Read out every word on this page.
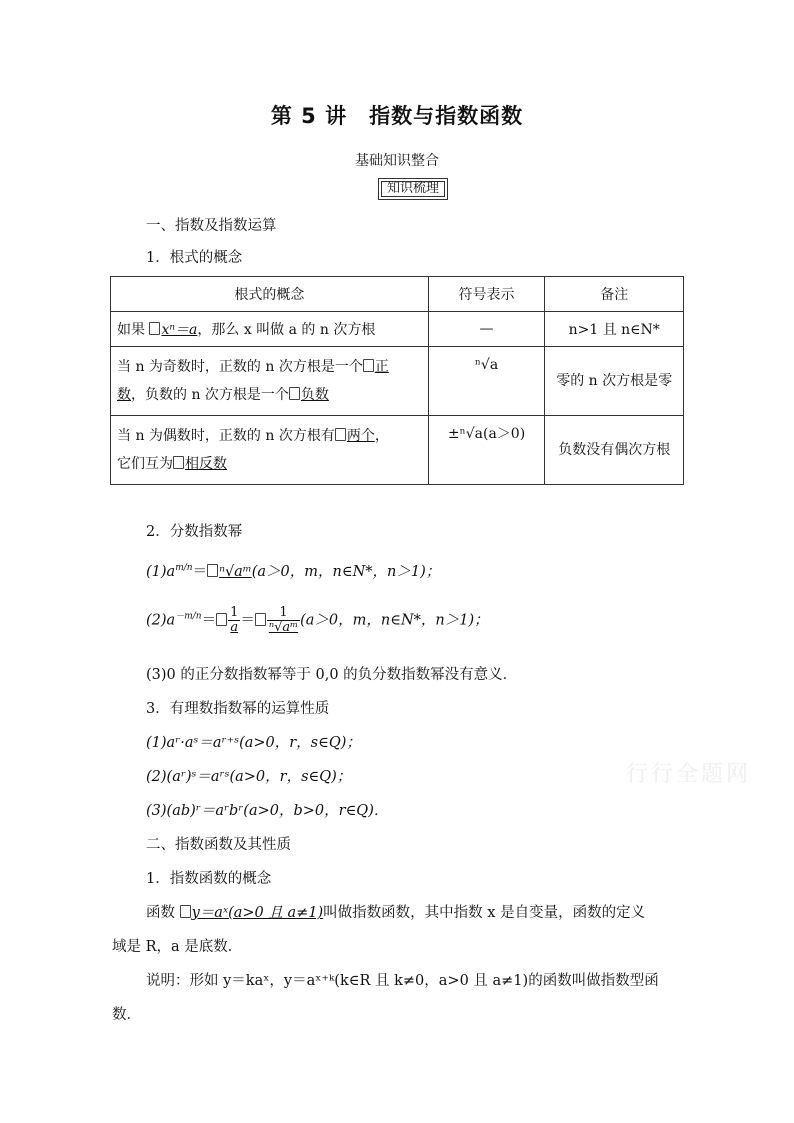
第 5 讲　指数与指数函数
基础知识整合
知识梳理
一、指数及指数运算
1．根式的概念
根式的概念	符号表示	备注
如果 xⁿ＝a，那么 x 叫做 a 的 n 次方根	—	n>1 且 n∈N*
当 n 为奇数时，正数的 n 次方根是一个 正
数，负数的 n 次方根是一个 负数	ⁿ√a	零的 n 次方根是零
当 n 为偶数时，正数的 n 次方根有 两个，
它们互为 相反数	±ⁿ√a(a＞0)	负数没有偶次方根
2．分数指数幂
$(1)a^{m/n}=$ ⁿ√aᵐ(a＞0，m，n∈N*，n＞1)；
$(2)a^{-m/n}= \frac{1}{a} = \frac{1}{\text{ⁿ√aᵐ}} (a>0$，m，n∈N*，n＞1)；
(3)0 的正分数指数幂等于 0,0 的负分数指数幂没有意义．
3．有理数指数幂的运算性质
(1)aʳ·aˢ＝aʳ⁺ˢ(a>0，r，s∈Q)；
(2)(aʳ)ˢ＝aʳˢ(a>0，r，s∈Q)；
(3)(ab)ʳ＝aʳbʳ(a>0，b>0，r∈Q)．
二、指数函数及其性质
1．指数函数的概念
函数 y＝aˣ(a>0 且 a≠1)叫做指数函数，其中指数 x 是自变量，函数的定义
域是 R，a 是底数．
说明：形如 y＝kaˣ，y＝aˣ⁺ᵏ(k∈R 且 k≠0，a>0 且 a≠1)的函数叫做指数型函
数．
行行全题网
